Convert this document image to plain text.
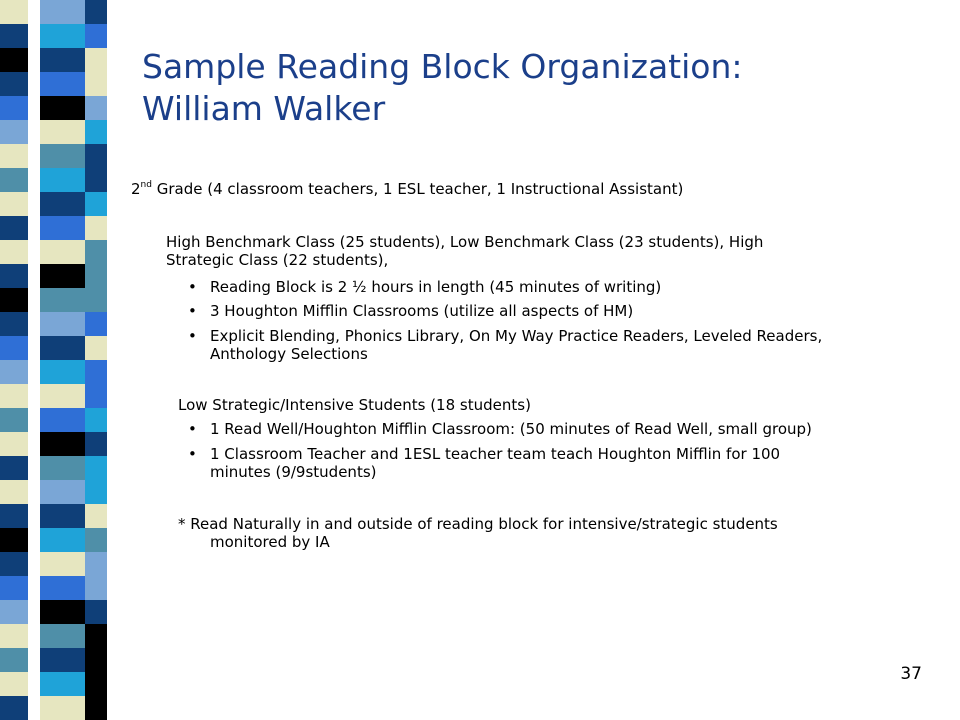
Sample Reading Block Organization:
William Walker

2nd Grade (4 classroom teachers, 1 ESL teacher, 1 Instructional Assistant)

High Benchmark Class (25 students), Low Benchmark Class (23 students), High

Strategic Class (22 students),

• Reading Block is 2 ½ hours in length (45 minutes of writing)

• 3 Houghton Mifflin Classrooms (utilize all aspects of HM)

• Explicit Blending, Phonics Library, On My Way Practice Readers, Leveled Readers,

Anthology Selections

Low Strategic/Intensive Students (18 students)

• 1 Read Well/Houghton Mifflin Classroom: (50 minutes of Read Well, small group)

• 1 Classroom Teacher and 1ESL teacher team teach Houghton Mifflin for 100

minutes (9/9students)

* Read Naturally in and outside of reading block for intensive/strategic students

monitored by IA

37
